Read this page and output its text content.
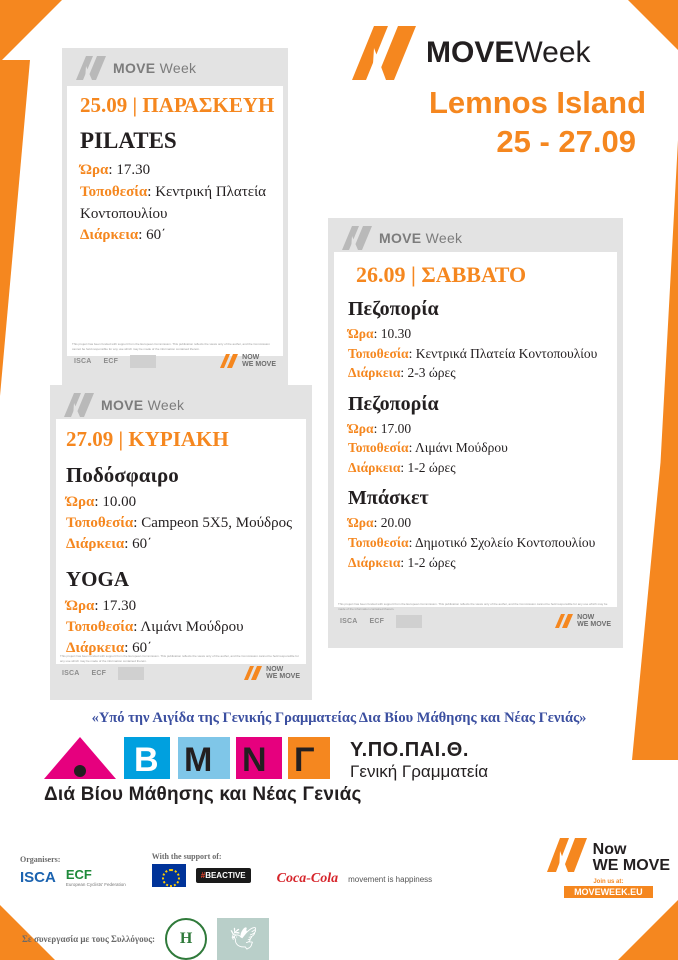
MOVEWeek
Lemnos Island
25 - 27.09
MOVE Week
25.09 | ΠΑΡΑΣΚΕΥΗ
PILATES
Ώρα: 17.30
Τοποθεσία: Κεντρική Πλατεία Κοντοπουλίου
Διάρκεια: 60΄
This project has been funded with support from the European Commission. This publication reflects the views only of the author, and the Commission cannot be held responsible for any use which may be made of the information contained therein.
ISCA ECF
NOW
WE MOVE
MOVE Week
26.09 | ΣΑΒΒΑΤΟ
Πεζοπορία
Ώρα: 10.30
Τοποθεσία: Κεντρικά Πλατεία Κοντοπουλίου
Διάρκεια: 2-3 ώρες
Πεζοπορία
Ώρα: 17.00
Τοποθεσία: Λιμάνι Μούδρου
Διάρκεια: 1-2 ώρες
Μπάσκετ
Ώρα: 20.00
Τοποθεσία: Δημοτικό Σχολείο Κοντοπουλίου
Διάρκεια: 1-2 ώρες
This project has been funded with support from the European Commission. This publication reflects the views only of the author, and the Commission cannot be held responsible for any use which may be made of the information contained therein.
ISCA ECF
NOW
WE MOVE
MOVE Week
27.09 | ΚΥΡΙΑΚΗ
Ποδόσφαιρο
Ώρα: 10.00
Τοποθεσία: Campeon 5X5, Μούδρος
Διάρκεια: 60΄
YOGA
Ώρα: 17.30
Τοποθεσία: Λιμάνι Μούδρου
Διάρκεια: 60΄
This project has been funded with support from the European Commission. This publication reflects the views only of the author, and the Commission cannot be held responsible for any use which may be made of the information contained therein.
ISCA ECF
NOW
WE MOVE
«Υπό την Αιγίδα της Γενικής Γραμματείας Δια Βίου Μάθησης και Νέας Γενιάς»
B M N Γ Υ.ΠΟ.ΠΑΙ.Θ.
Γενική Γραμματεία
Διά Βίου Μάθησης και Νέας Γενιάς
Organisers:
ISCA ECF
European Cyclists' Federation
With the support of:
#BEACTIVE	Coca-Cola movement is happiness
Now
WE MOVE
Join us at:
MOVEWEEK.EU
Σε συνεργασία με τους Συλλόγους: H	🕊
